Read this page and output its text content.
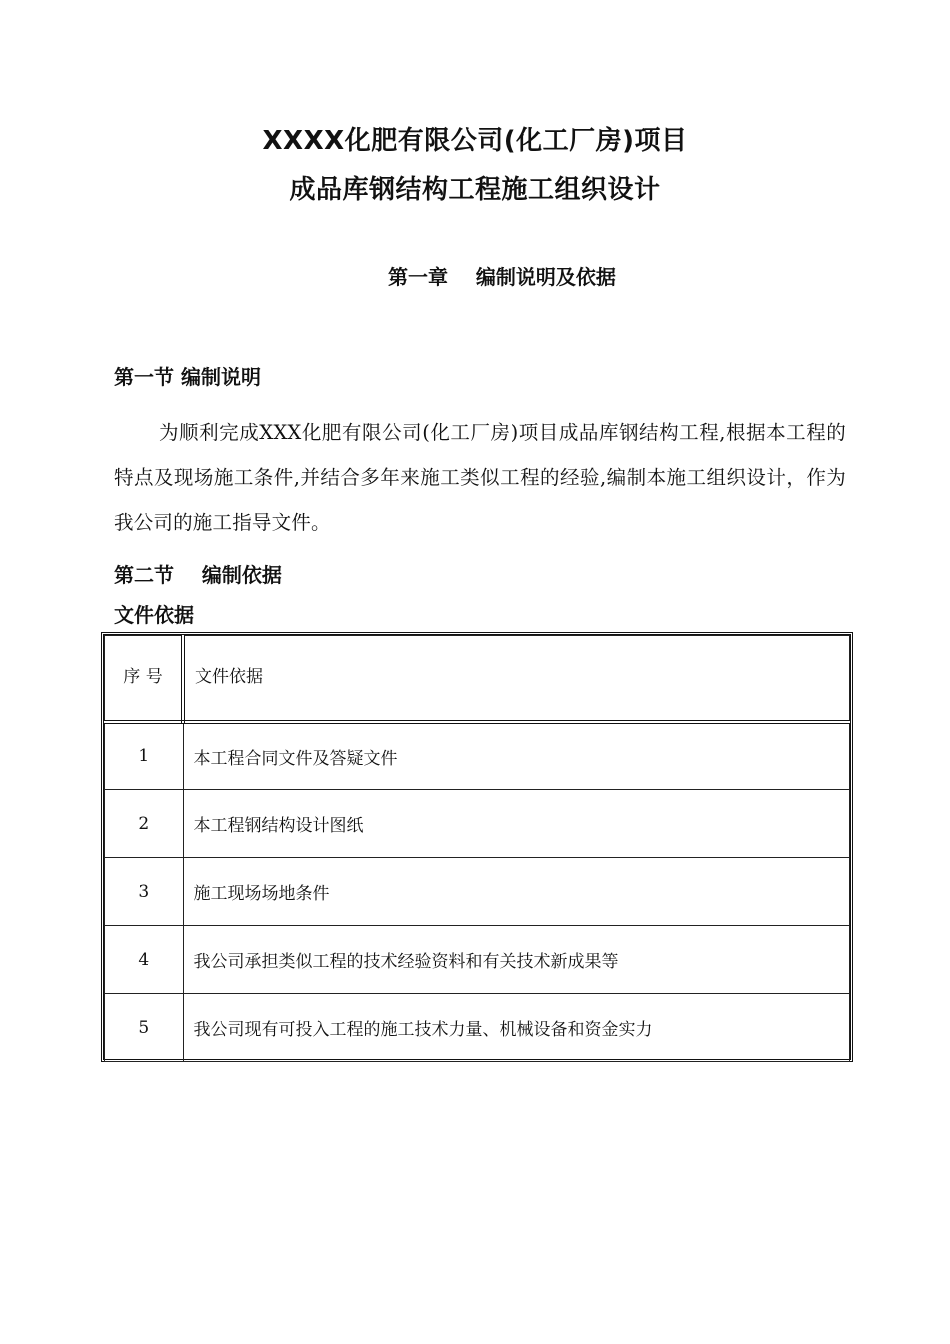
XXXX化肥有限公司(化工厂房)项目
成品库钢结构工程施工组织设计
第一章    编制说明及依据
第一节 编制说明
为顺利完成XXX化肥有限公司(化工厂房)项目成品库钢结构工程,根据本工程的特点及现场施工条件,并结合多年来施工类似工程的经验,编制本施工组织设计，作为我公司的施工指导文件。
第二节    编制依据
文件依据
序 号	文件依据
1	本工程合同文件及答疑文件
2	本工程钢结构设计图纸
3	施工现场场地条件
4	我公司承担类似工程的技术经验资料和有关技术新成果等
5	我公司现有可投入工程的施工技术力量、机械设备和资金实力
